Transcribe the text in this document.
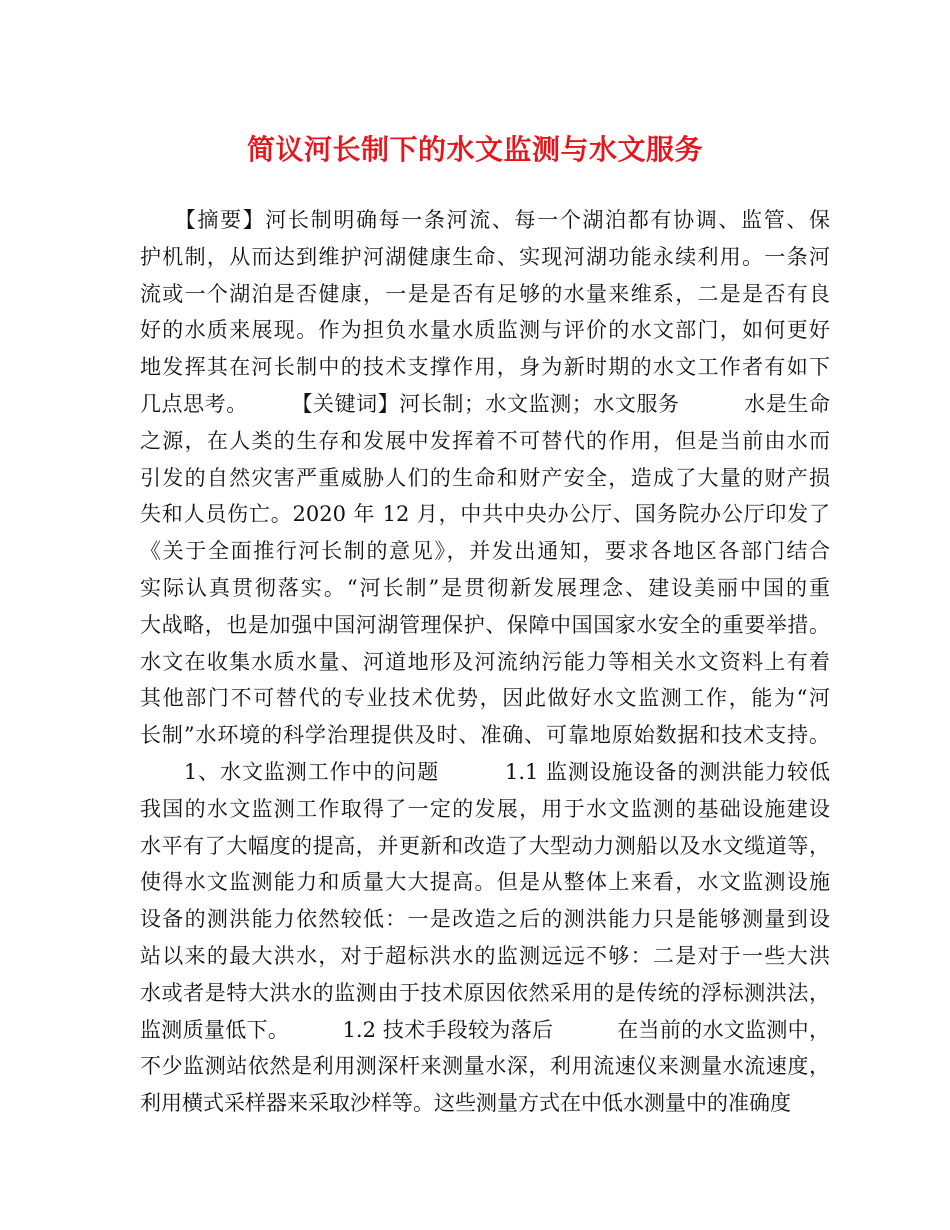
简议河长制下的水文监测与水文服务
　　【摘要】河长制明确每一条河流、每一个湖泊都有协调、监管、保
护机制，从而达到维护河湖健康生命、实现河湖功能永续利用。一条河
流或一个湖泊是否健康，一是是否有足够的水量来维系，二是是否有良
好的水质来展现。作为担负水量水质监测与评价的水文部门，如何更好
地发挥其在河长制中的技术支撑作用，身为新时期的水文工作者有如下
几点思考。　　　【关键词】河长制；水文监测；水文服务　　　水是生命
之源，在人类的生存和发展中发挥着不可替代的作用，但是当前由水而
引发的自然灾害严重威胁人们的生命和财产安全，造成了大量的财产损
失和人员伤亡。2020 年 12 月，中共中央办公厅、国务院办公厅印发了
《关于全面推行河长制的意见》，并发出通知，要求各地区各部门结合
实际认真贯彻落实。“河长制”是贯彻新发展理念、建设美丽中国的重
大战略，也是加强中国河湖管理保护、保障中国国家水安全的重要举措。
水文在收集水质水量、河道地形及河流纳污能力等相关水文资料上有着
其他部门不可替代的专业技术优势，因此做好水文监测工作，能为“河
长制”水环境的科学治理提供及时、准确、可靠地原始数据和技术支持。
　　1、水文监测工作中的问题　　　1.1 监测设施设备的测洪能力较低
我国的水文监测工作取得了一定的发展，用于水文监测的基础设施建设
水平有了大幅度的提高，并更新和改造了大型动力测船以及水文缆道等，
使得水文监测能力和质量大大提高。但是从整体上来看，水文监测设施
设备的测洪能力依然较低：一是改造之后的测洪能力只是能够测量到设
站以来的最大洪水，对于超标洪水的监测远远不够：二是对于一些大洪
水或者是特大洪水的监测由于技术原因依然采用的是传统的浮标测洪法，
监测质量低下。　　　1.2 技术手段较为落后　　　在当前的水文监测中，
不少监测站依然是利用测深杆来测量水深，利用流速仪来测量水流速度，
利用横式采样器来采取沙样等。这些测量方式在中低水测量中的准确度
